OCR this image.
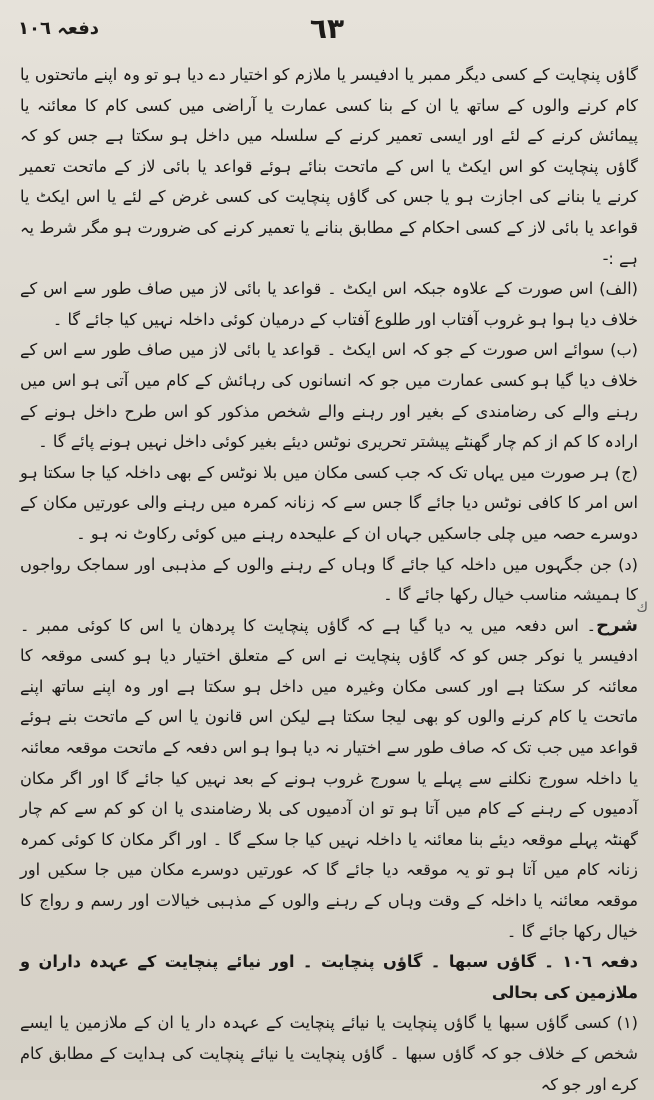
دفعہ ١٠٦	٦٣

گاؤں پنچایت کے کسی دیگر ممبر یا ادفیسر یا ملازم کو اختیار دے دیا ہو تو وہ اپنے ماتحتوں یا کام کرنے والوں کے ساتھ یا ان کے بنا کسی عمارت یا آراضی میں کسی کام کا معائنہ یا پیمائش کرنے کے لئے اور ایسی تعمیر کرنے کے سلسلہ میں داخل ہو سکتا ہے جس کو کہ گاؤں پنچایت کو اس ایکٹ یا اس کے ماتحت بنائے ہوئے قواعد یا بائی لاز کے ماتحت تعمیر کرنے یا بنانے کی اجازت ہو یا جس کی گاؤں پنچایت کی کسی غرض کے لئے یا اس ایکٹ یا قواعد یا بائی لاز کے کسی احکام کے مطابق بنانے یا تعمیر کرنے کی ضرورت ہو مگر شرط یہ ہے :-

(الف) اس صورت کے علاوہ جبکہ اس ایکٹ ۔ قواعد یا بائی لاز میں صاف طور سے اس کے خلاف دیا ہوا ہو غروب آفتاب اور طلوع آفتاب کے درمیان کوئی داخلہ نہیں کیا جائے گا ۔

(ب) سوائے اس صورت کے جو کہ اس ایکٹ ۔ قواعد یا بائی لاز میں صاف طور سے اس کے خلاف دیا گیا ہو کسی عمارت میں جو کہ انسانوں کی رہائش کے کام میں آتی ہو اس میں رہنے والے کی رضامندی کے بغیر اور رہنے والے شخص مذکور کو اس طرح داخل ہونے کے ارادہ کا کم از کم چار گھنٹے پیشتر تحریری نوٹس دیئے بغیر کوئی داخل نہیں ہونے پائے گا ۔

(ج) ہر صورت میں یہاں تک کہ جب کسی مکان میں بلا نوٹس کے بھی داخلہ کیا جا سکتا ہو اس امر کا کافی نوٹس دیا جائے گا جس سے کہ زنانہ کمرہ میں رہنے والی عورتیں مکان کے دوسرے حصہ میں چلی جاسکیں جہاں ان کے علیحدہ رہنے میں کوئی رکاوٹ نہ ہو ۔

(د) جن جگہوں میں داخلہ کیا جائے گا وہاں کے رہنے والوں کے مذہبی اور سماجک رواجوں کا ہمیشہ مناسب خیال رکھا جائے گا ۔

شرح۔ اس دفعہ میں یہ دیا گیا ہے کہ گاؤں پنچایت کا پردھان یا اس کا کوئی ممبر ۔ ادفیسر یا نوکر جس کو کہ گاؤں پنچایت نے اس کے متعلق اختیار دیا ہو کسی موقعہ کا معائنہ کر سکتا ہے اور کسی مکان وغیرہ میں داخل ہو سکتا ہے اور وہ اپنے ساتھ اپنے ماتحت یا کام کرنے والوں کو بھی لیجا سکتا ہے لیکن اس قانون یا اس کے ماتحت بنے ہوئے قواعد میں جب تک کہ صاف طور سے اختیار نہ دیا ہوا ہو اس دفعہ کے ماتحت موقعہ معائنہ یا داخلہ سورج نکلنے سے پہلے یا سورج غروب ہونے کے بعد نہیں کیا جائے گا اور اگر مکان آدمیوں کے رہنے کے کام میں آتا ہو تو ان آدمیوں کی بلا رضامندی یا ان کو کم سے کم چار گھنٹہ پہلے موقعہ دیئے بنا معائنہ یا داخلہ نہیں کیا جا سکے گا ۔ اور اگر مکان کا کوئی کمرہ زنانہ کام میں آتا ہو تو یہ موقعہ دیا جائے گا کہ عورتیں دوسرے مکان میں جا سکیں اور موقعہ معائنہ یا داخلہ کے وقت وہاں کے رہنے والوں کے مذہبی خیالات اور رسم و رواج کا خیال رکھا جائے گا ۔

دفعہ ١٠٦ ۔ گاؤں سبھا ۔ گاؤں پنچایت ۔ اور نیائے پنچایت کے عہدہ داران و ملازمین کی بحالی

(١) کسی گاؤں سبھا یا گاؤں پنچایت یا نیائے پنچایت کے عہدہ دار یا ان کے ملازمین یا ایسے شخص کے خلاف جو کہ گاؤں سبھا ۔ گاؤں پنچایت یا نیائے پنچایت کی ہدایت کے مطابق کام کرے اور جو کہ

ك
